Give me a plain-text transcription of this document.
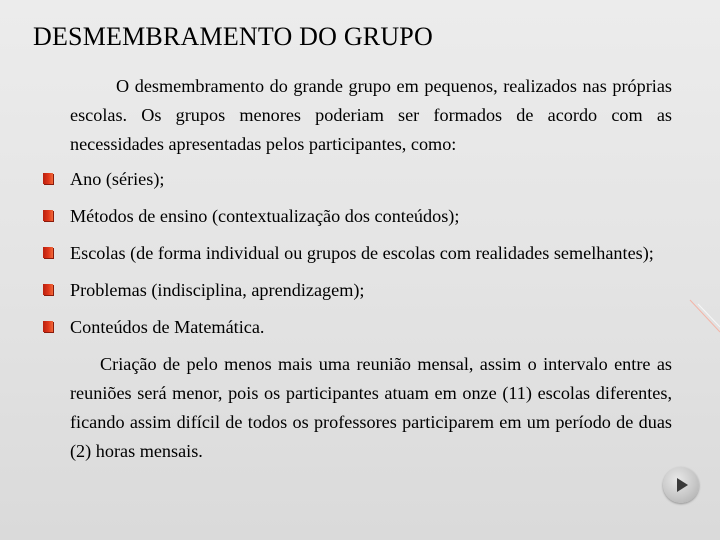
DESMEMBRAMENTO DO GRUPO

O desmembramento do grande grupo em pequenos, realizados nas próprias escolas. Os grupos menores poderiam ser formados de acordo com as necessidades apresentadas pelos participantes, como:

Ano (séries);
Métodos de ensino (contextualização dos conteúdos);
Escolas (de forma individual ou grupos de escolas com realidades semelhantes);
Problemas (indisciplina, aprendizagem);
Conteúdos de Matemática.

Criação de pelo menos mais uma reunião mensal, assim o intervalo entre as reuniões será menor, pois os participantes atuam em onze (11) escolas diferentes, ficando assim difícil de todos os professores participarem em um período de duas (2) horas mensais.
